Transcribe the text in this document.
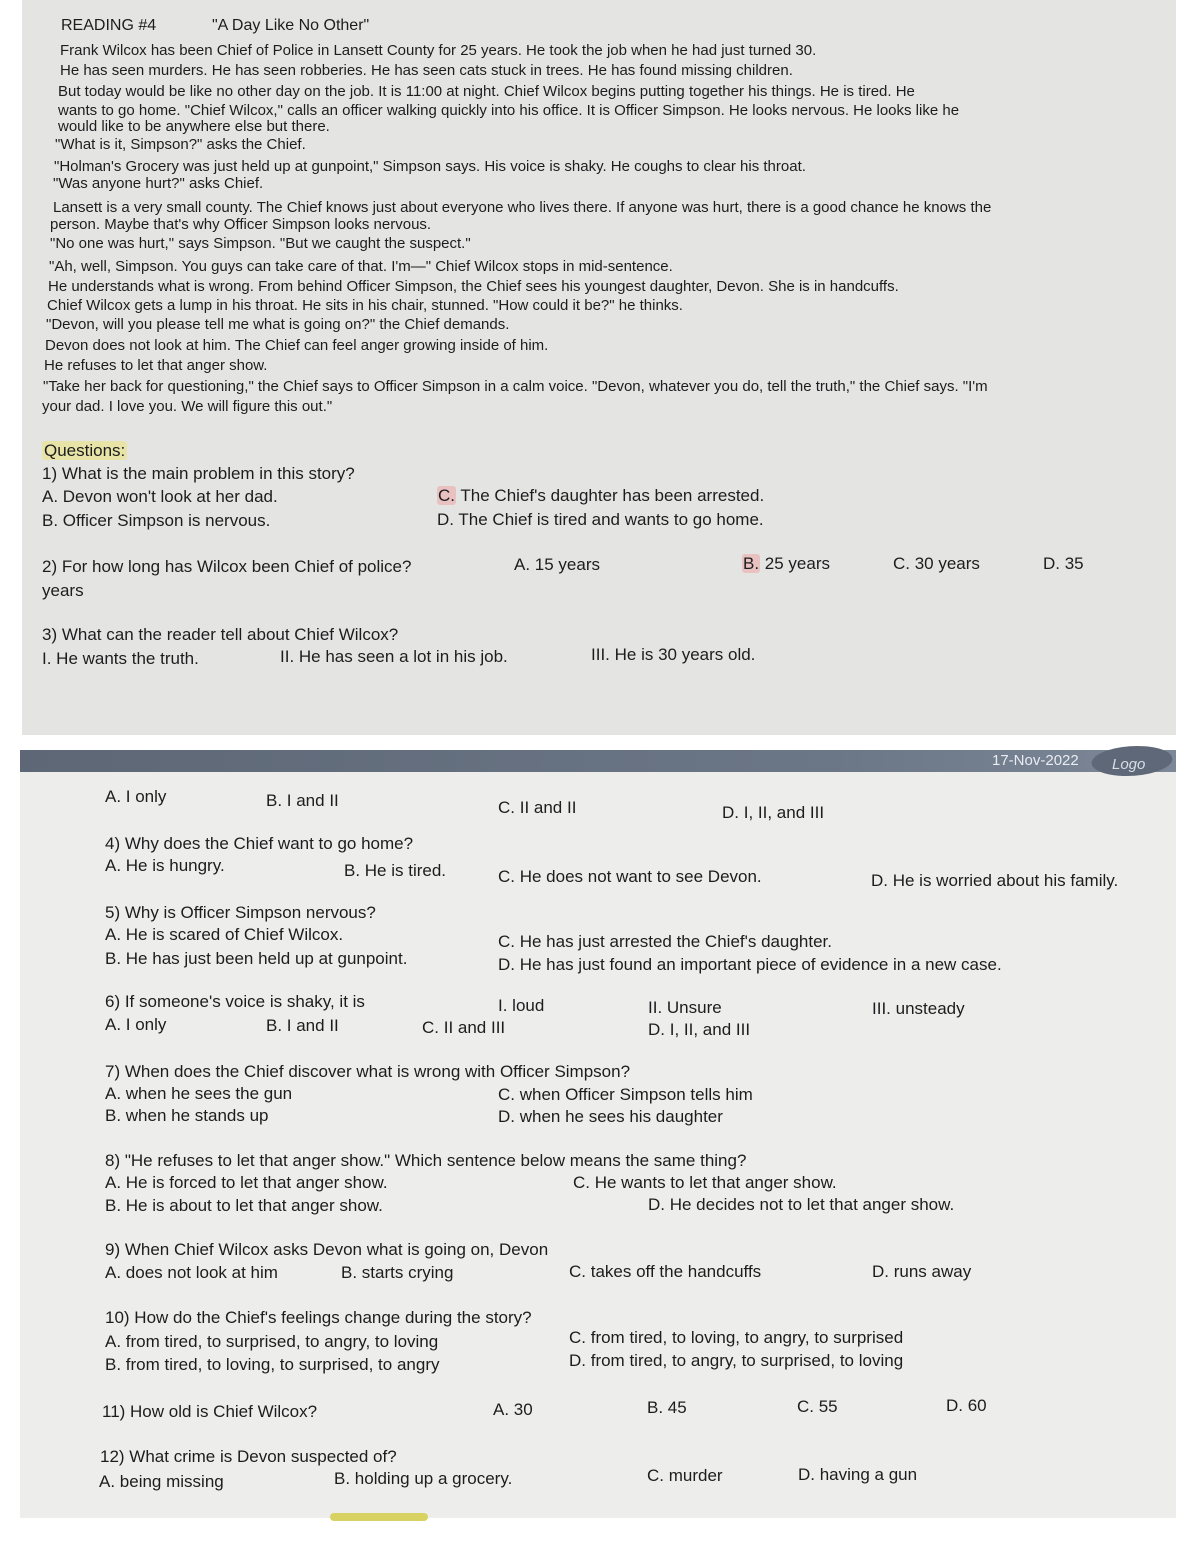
READING #4	"A Day Like No Other"
Frank Wilcox has been Chief of Police in Lansett County for 25 years. He took the job when he had just turned 30.
He has seen murders. He has seen robberies. He has seen cats stuck in trees. He has found missing children.
But today would be like no other day on the job. It is 11:00 at night. Chief Wilcox begins putting together his things. He is tired. He
wants to go home. "Chief Wilcox," calls an officer walking quickly into his office. It is Officer Simpson. He looks nervous. He looks like he
would like to be anywhere else but there.
"What is it, Simpson?" asks the Chief.
"Holman's Grocery was just held up at gunpoint," Simpson says. His voice is shaky. He coughs to clear his throat.
"Was anyone hurt?" asks Chief.
Lansett is a very small county. The Chief knows just about everyone who lives there. If anyone was hurt, there is a good chance he knows the
person. Maybe that's why Officer Simpson looks nervous.
"No one was hurt," says Simpson. "But we caught the suspect."
"Ah, well, Simpson. You guys can take care of that. I'm—" Chief Wilcox stops in mid-sentence.
He understands what is wrong. From behind Officer Simpson, the Chief sees his youngest daughter, Devon. She is in handcuffs.
Chief Wilcox gets a lump in his throat. He sits in his chair, stunned. "How could it be?" he thinks.
"Devon, will you please tell me what is going on?" the Chief demands.
Devon does not look at him. The Chief can feel anger growing inside of him.
He refuses to let that anger show.
"Take her back for questioning," the Chief says to Officer Simpson in a calm voice. "Devon, whatever you do, tell the truth," the Chief says. "I'm
your dad. I love you. We will figure this out."
Questions:
1) What is the main problem in this story?
A. Devon won't look at her dad.	C. The Chief's daughter has been arrested.
B. Officer Simpson is nervous.	D. The Chief is tired and wants to go home.
2) For how long has Wilcox been Chief of police?	A. 15 years	B. 25 years	C. 30 years	D. 35
years
3) What can the reader tell about Chief Wilcox?
I. He wants the truth.	II. He has seen a lot in his job.	III. He is 30 years old.
17-Nov-2022 Logo
A. I only	B. I and II	C. II and II	D. I, II, and III
4) Why does the Chief want to go home?
A. He is hungry.	B. He is tired.	C. He does not want to see Devon.	D. He is worried about his family.
5) Why is Officer Simpson nervous?
A. He is scared of Chief Wilcox.	C. He has just arrested the Chief's daughter.
B. He has just been held up at gunpoint.	D. He has just found an important piece of evidence in a new case.
6) If someone's voice is shaky, it is	I. loud	II. Unsure	III. unsteady
A. I only	B. I and II	C. II and III	D. I, II, and III
7) When does the Chief discover what is wrong with Officer Simpson?
A. when he sees the gun	C. when Officer Simpson tells him
B. when he stands up	D. when he sees his daughter
8) "He refuses to let that anger show." Which sentence below means the same thing?
A. He is forced to let that anger show.	C. He wants to let that anger show.
B. He is about to let that anger show.	D. He decides not to let that anger show.
9) When Chief Wilcox asks Devon what is going on, Devon
A. does not look at him	B. starts crying	C. takes off the handcuffs	D. runs away
10) How do the Chief's feelings change during the story?
A. from tired, to surprised, to angry, to loving	C. from tired, to loving, to angry, to surprised
B. from tired, to loving, to surprised, to angry	D. from tired, to angry, to surprised, to loving
11) How old is Chief Wilcox?	A. 30	B. 45	C. 55	D. 60
12) What crime is Devon suspected of?
A. being missing	B. holding up a grocery.	C. murder	D. having a gun
